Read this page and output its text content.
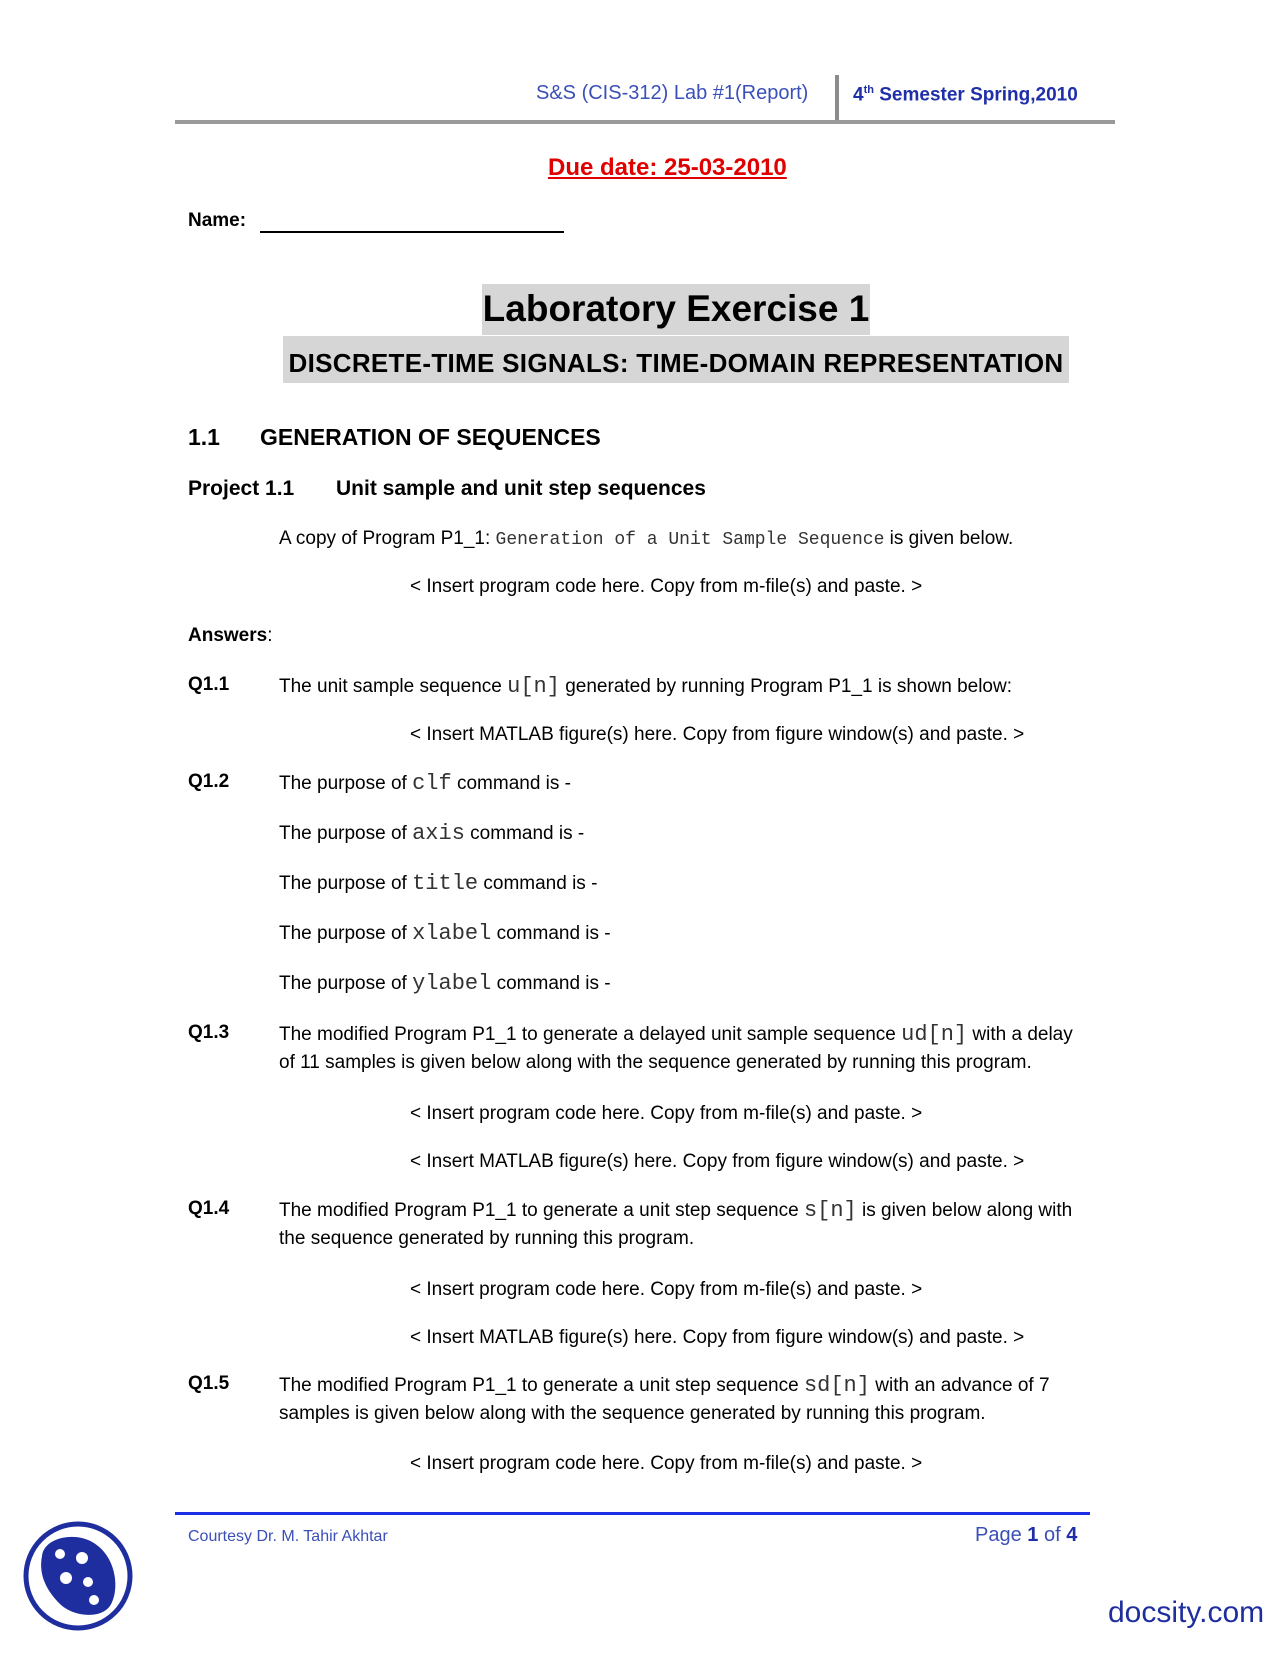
S&S (CIS-312) Lab #1(Report) 4th Semester Spring,2010
Due date: 25-03-2010
Name:
Laboratory Exercise 1
DISCRETE-TIME SIGNALS: TIME-DOMAIN REPRESENTATION
1.1 GENERATION OF SEQUENCES
Project 1.1 Unit sample and unit step sequences
A copy of Program P1_1: Generation of a Unit Sample Sequence is given below.
< Insert program code here. Copy from m-file(s) and paste. >
Answers:
Q1.1	The unit sample sequence u[n] generated by running Program P1_1 is shown below:
< Insert MATLAB figure(s) here. Copy from figure window(s) and paste. >
Q1.2	The purpose of clf command is -
The purpose of axis command is -
The purpose of title command is -
The purpose of xlabel command is -
The purpose of ylabel command is -
Q1.3	The modified Program P1_1 to generate a delayed unit sample sequence ud[n] with a delay
of 11 samples is given below along with the sequence generated by running this program.
< Insert program code here. Copy from m-file(s) and paste. >
< Insert MATLAB figure(s) here. Copy from figure window(s) and paste. >
Q1.4	The modified Program P1_1 to generate a unit step sequence s[n] is given below along with
the sequence generated by running this program.
< Insert program code here. Copy from m-file(s) and paste. >
< Insert MATLAB figure(s) here. Copy from figure window(s) and paste. >
Q1.5	The modified Program P1_1 to generate a unit step sequence sd[n] with an advance of 7
samples is given below along with the sequence generated by running this program.
< Insert program code here. Copy from m-file(s) and paste. >
Courtesy Dr. M. Tahir Akhtar	Page 1 of 4
docsity.com
